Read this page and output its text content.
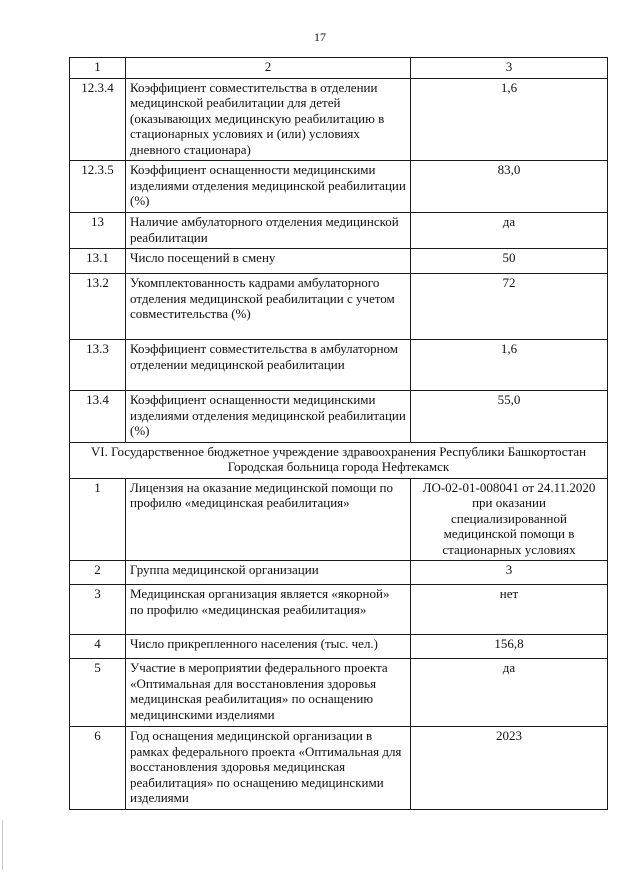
17
1	2	3
12.3.4	Коэффициент совместительства в отделении медицинской реабилитации для детей (оказывающих медицинскую реабилитацию в стационарных условиях и (или) условиях дневного стационара)	1,6
12.3.5	Коэффициент оснащенности медицинскими изделиями отделения медицинской реабилитации (%)	83,0
13	Наличие амбулаторного отделения медицинской реабилитации	да
13.1	Число посещений в смену	50
13.2	Укомплектованность кадрами амбулаторного отделения медицинской реабилитации с учетом совместительства (%)	72
13.3	Коэффициент совместительства в амбулаторном отделении медицинской реабилитации	1,6
13.4	Коэффициент оснащенности медицинскими изделиями отделения медицинской реабилитации (%)	55,0
VI. Государственное бюджетное учреждение здравоохранения Республики Башкортостан Городская больница города Нефтекамск		
1	Лицензия на оказание медицинской помощи по профилю «медицинская реабилитация»	ЛО-02-01-008041 от 24.11.2020 при оказании специализированной медицинской помощи в стационарных условиях
2	Группа медицинской организации	3
3	Медицинская организация является «якорной» по профилю «медицинская реабилитация»	нет
4	Число прикрепленного населения (тыс. чел.)	156,8
5	Участие в мероприятии федерального проекта «Оптимальная для восстановления здоровья медицинская реабилитация» по оснащению медицинскими изделиями	да
6	Год оснащения медицинской организации в рамках федерального проекта «Оптимальная для восстановления здоровья медицинская реабилитация» по оснащению медицинскими изделиями	2023
